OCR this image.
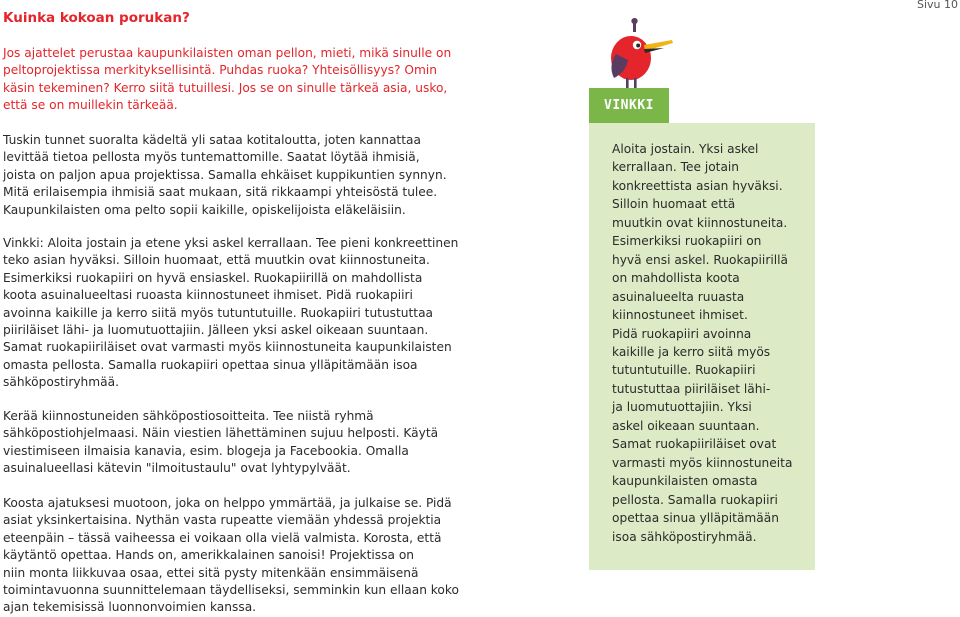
Sivu 10
Kuinka kokoan porukan?
Jos ajattelet perustaa kaupunkilaisten oman pellon, mieti, mikä sinulle on
peltoprojektissa merkityksellisintä. Puhdas ruoka? Yhteisöllisyys? Omin
käsin tekeminen? Kerro siitä tutuillesi. Jos se on sinulle tärkeä asia, usko,
että se on muillekin tärkeää.
Tuskin tunnet suoralta kädeltä yli sataa kotitaloutta, joten kannattaa
levittää tietoa pellosta myös tuntemattomille. Saatat löytää ihmisiä,
joista on paljon apua projektissa. Samalla ehkäiset kuppikuntien synnyn.
Mitä erilaisempia ihmisiä saat mukaan, sitä rikkaampi yhteisöstä tulee.
Kaupunkilaisten oma pelto sopii kaikille, opiskelijoista eläkeläisiin.
Vinkki: Aloita jostain ja etene yksi askel kerrallaan. Tee pieni konkreettinen
teko asian hyväksi. Silloin huomaat, että muutkin ovat kiinnostuneita.
Esimerkiksi ruokapiiri on hyvä ensiaskel. Ruokapiirillä on mahdollista
koota asuinalueeltasi ruoasta kiinnostuneet ihmiset. Pidä ruokapiiri
avoinna kaikille ja kerro siitä myös tutuntutuille. Ruokapiiri tutustuttaa
piiriläiset lähi- ja luomutuottajiin. Jälleen yksi askel oikeaan suuntaan.
Samat ruokapiiriläiset ovat varmasti myös kiinnostuneita kaupunkilaisten
omasta pellosta. Samalla ruokapiiri opettaa sinua ylläpitämään isoa
sähköpostiryhmää.
Kerää kiinnostuneiden sähköpostiosoitteita. Tee niistä ryhmä
sähköpostiohjelmaasi. Näin viestien lähettäminen sujuu helposti. Käytä
viestimiseen ilmaisia kanavia, esim. blogeja ja Facebookia. Omalla
asuinalueellasi kätevin "ilmoitustaulu" ovat lyhtypylväät.
Koosta ajatuksesi muotoon, joka on helppo ymmärtää, ja julkaise se. Pidä
asiat yksinkertaisina. Nythän vasta rupeatte viemään yhdessä projektia
eteenpäin – tässä vaiheessa ei voikaan olla vielä valmista. Korosta, että
käytäntö opettaa. Hands on, amerikkalainen sanoisi! Projektissa on
niin monta liikkuvaa osaa, ettei sitä pysty mitenkään ensimmäisenä
toimintavuonna suunnittelemaan täydelliseksi, semminkin kun ellaan koko
ajan tekemisissä luonnonvoimien kanssa.
VINKKI
Aloita jostain. Yksi askel
kerrallaan. Tee jotain
konkreettista asian hyväksi.
Silloin huomaat että
muutkin ovat kiinnostuneita.
Esimerkiksi ruokapiiri on
hyvä ensi askel. Ruokapiirillä
on mahdollista koota
asuinalueelta ruuasta
kiinnostuneet ihmiset.
Pidä ruokapiiri avoinna
kaikille ja kerro siitä myös
tutuntutuille. Ruokapiiri
tutustuttaa piiriläiset lähi-
ja luomutuottajiin. Yksi
askel oikeaan suuntaan.
Samat ruokapiiriläiset ovat
varmasti myös kiinnostuneita
kaupunkilaisten omasta
pellosta. Samalla ruokapiiri
opettaa sinua ylläpitämään
isoa sähköpostiryhmää.
